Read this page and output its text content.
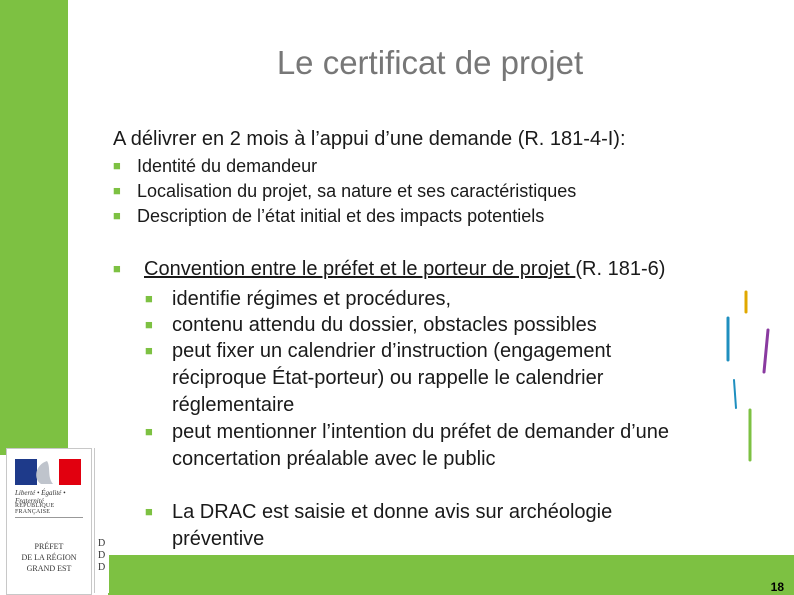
Le certificat de projet
A délivrer en 2 mois à l’appui d’une demande (R. 181-4-I):
■ Identité du demandeur
■ Localisation du projet, sa nature et ses caractéristiques
■ Description de l’état initial et des impacts potentiels
■ Convention entre le préfet et le porteur de projet (R. 181-6)
■ identifie régimes et procédures,
■ contenu attendu du dossier, obstacles possibles
■ peut fixer un calendrier d’instruction (engagement
réciproque État-porteur) ou rappelle le calendrier
réglementaire
■ peut mentionner l’intention du préfet de demander d’une
concertation préalable avec le public
■ La DRAC est saisie et donne avis sur archéologie
préventive
Liberté • Égalité • Fraternité
RÉPUBLIQUE FRANÇAISE
PRÉFET
DE LA RÉGION
GRAND EST
D
D
D
18
